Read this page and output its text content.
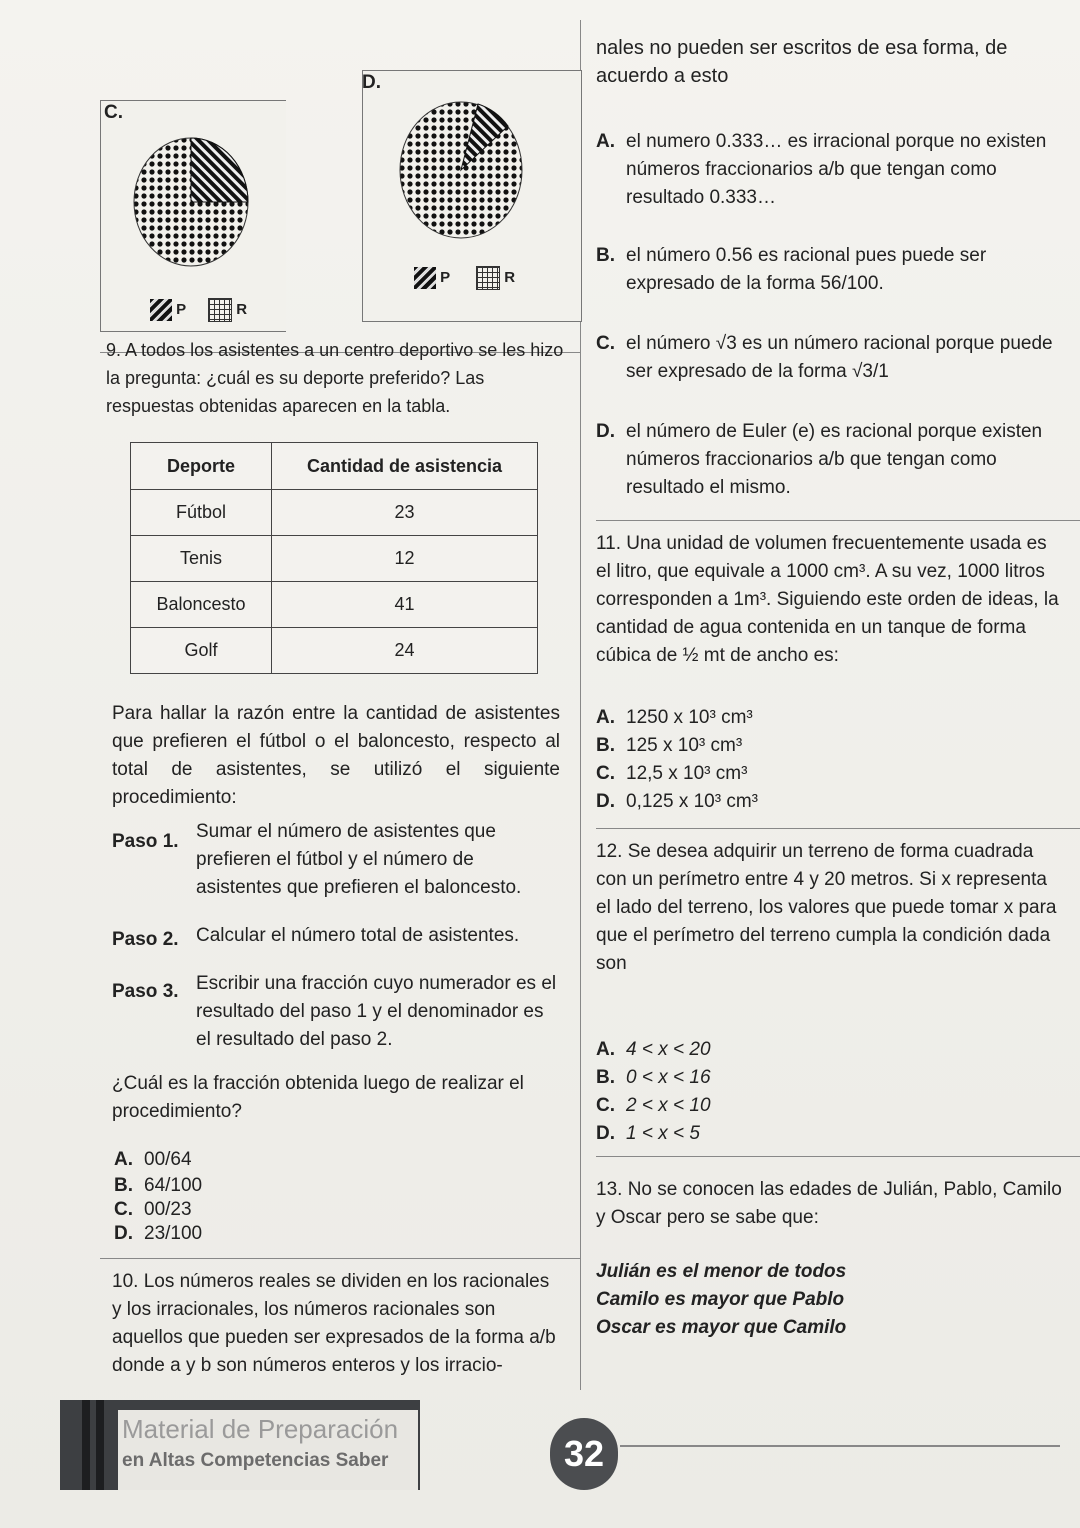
C.
P	R
D.
P	R
9. A todos los asistentes a un centro deportivo se les hizo la pregunta: ¿cuál es su deporte preferido? Las respuestas obtenidas aparecen en la tabla.
Deporte	Cantidad de asistencia
Fútbol	23
Tenis	12
Baloncesto	41
Golf	24
Para hallar la razón entre la cantidad de asistentes que prefieren el fútbol o el baloncesto, respecto al total de asistentes, se utilizó el siguiente procedimiento:
Paso 1. Sumar el número de asistentes que prefieren el fútbol y el número de asistentes que prefieren el baloncesto.
Paso 2. Calcular el número total de asistentes.
Paso 3. Escribir una fracción cuyo numerador es el resultado del paso 1 y el denominador es el resultado del paso 2.
¿Cuál es la fracción obtenida luego de realizar el procedimiento?
A. 00/64
B. 64/100
C. 00/23
D. 23/100
10. Los números reales se dividen en los racionales y los irracionales, los números racionales son aquellos que pueden ser expresados de la forma a/b donde a y b son números enteros y los irracio-
nales no pueden ser escritos de esa forma, de acuerdo a esto
A. el numero 0.333… es irracional porque no existen números fraccionarios a/b que tengan como resultado 0.333…
B. el número 0.56 es racional pues puede ser expresado de la forma 56/100.
C. el número √3 es un número racional porque puede ser expresado de la forma √3/1
D. el número de Euler (e) es racional porque existen números fraccionarios a/b que tengan como resultado el mismo.
11. Una unidad de volumen frecuentemente usada es el litro, que equivale a 1000 cm³. A su vez, 1000 litros corresponden a 1m³. Siguiendo este orden de ideas, la cantidad de agua contenida en un tanque de forma cúbica de ½ mt de ancho es:
A. 1250 x 10³ cm³
B. 125 x 10³ cm³
C. 12,5 x 10³ cm³
D. 0,125 x 10³ cm³
12. Se desea adquirir un terreno de forma cuadrada con un perímetro entre 4 y 20 metros. Si x representa el lado del terreno, los valores que puede tomar x para que el perímetro del terreno cumpla la condición dada son
A. 4 < x < 20
B. 0 < x < 16
C. 2 < x < 10
D. 1 < x < 5
13. No se conocen las edades de Julián, Pablo, Camilo y Oscar pero se sabe que:
Julián es el menor de todos
Camilo es mayor que Pablo
Oscar es mayor que Camilo
Material de Preparación
en Altas Competencias Saber	32
